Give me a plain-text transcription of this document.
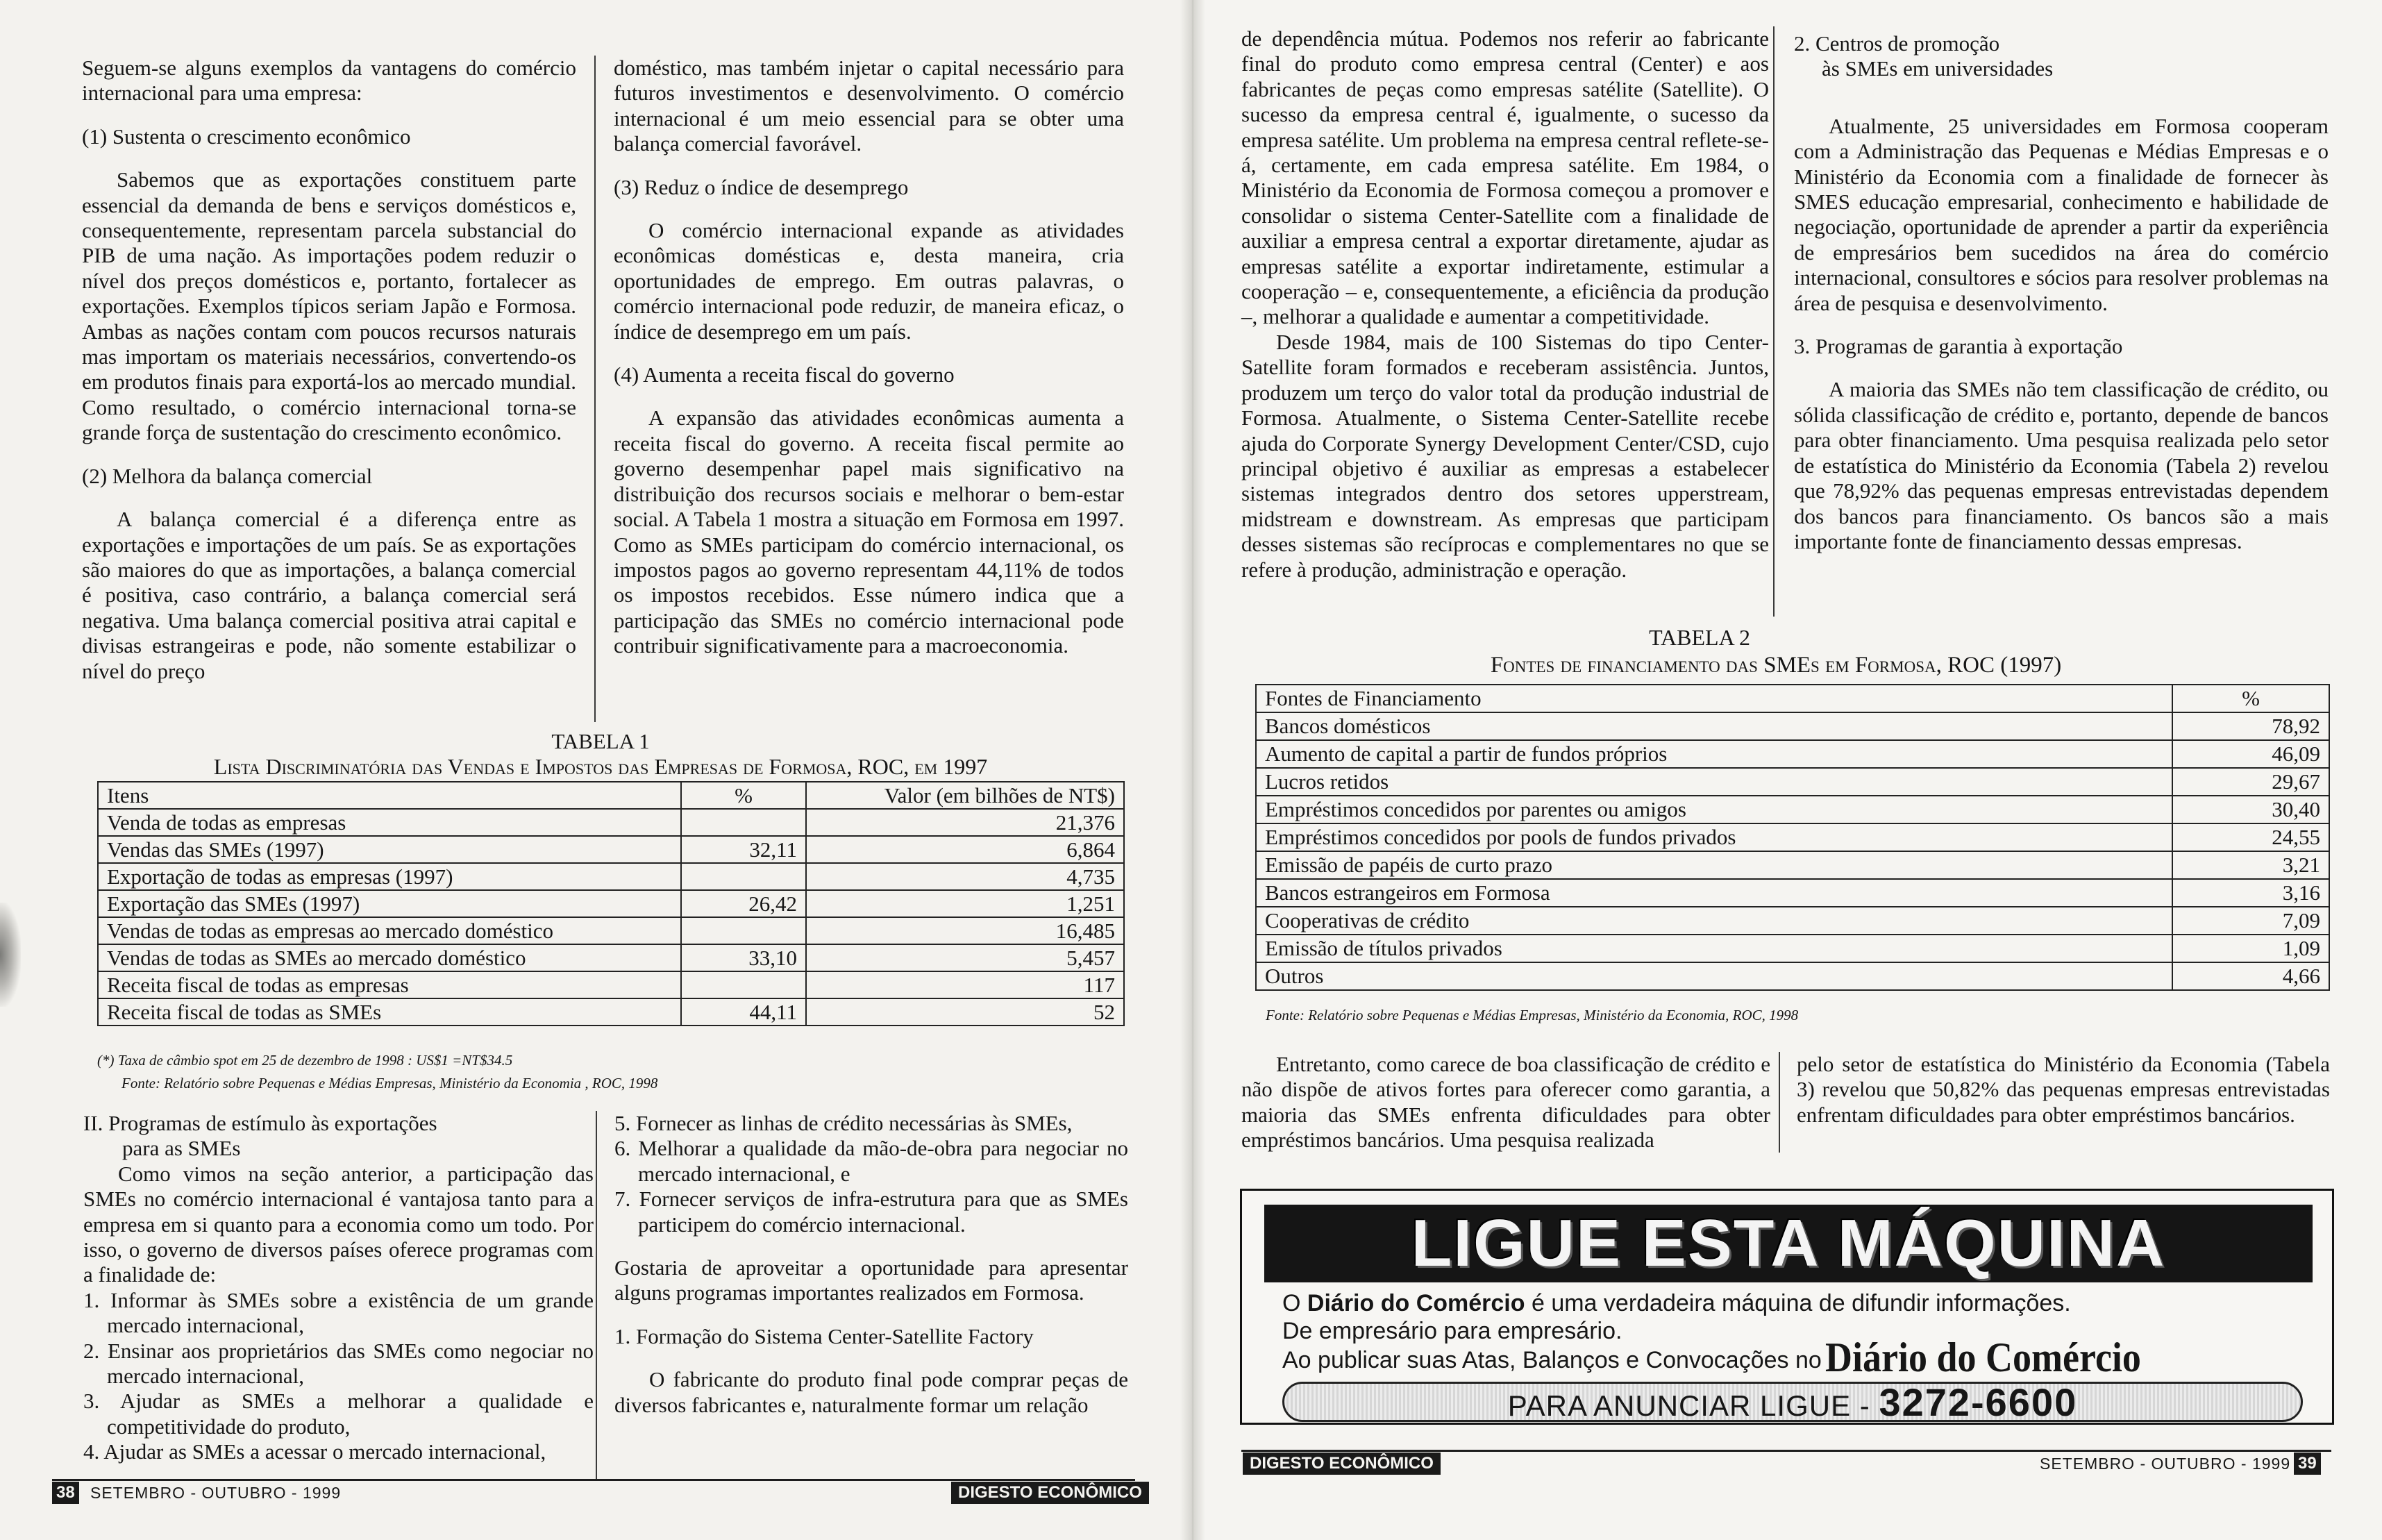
Seguem-se alguns exemplos da vantagens do comércio internacional para uma empresa:

(1) Sustenta o crescimento econômico

Sabemos que as exportações constituem parte essencial da demanda de bens e serviços domésticos e, consequentemente, representam parcela substancial do PIB de uma nação. As importações podem reduzir o nível dos preços domésticos e, portanto, fortalecer as exportações. Exemplos típicos seriam Japão e Formosa. Ambas as nações contam com poucos recursos naturais mas importam os materiais necessários, convertendo-os em produtos finais para exportá-los ao mercado mundial. Como resultado, o comércio internacional torna-se grande força de sustentação do crescimento econômico.

(2) Melhora da balança comercial

A balança comercial é a diferença entre as exportações e importações de um país. Se as exportações são maiores do que as importações, a balança comercial é positiva, caso contrário, a balança comercial será negativa. Uma balança comercial positiva atrai capital e divisas estrangeiras e pode, não somente estabilizar o nível do preço

doméstico, mas também injetar o capital necessário para futuros investimentos e desenvolvimento. O comércio internacional é um meio essencial para se obter uma balança comercial favorável.

(3) Reduz o índice de desemprego

O comércio internacional expande as atividades econômicas domésticas e, desta maneira, cria oportunidades de emprego. Em outras palavras, o comércio internacional pode reduzir, de maneira eficaz, o índice de desemprego em um país.

(4) Aumenta a receita fiscal do governo

A expansão das atividades econômicas aumenta a receita fiscal do governo. A receita fiscal permite ao governo desempenhar papel mais significativo na distribuição dos recursos sociais e melhorar o bem-estar social. A Tabela 1 mostra a situação em Formosa em 1997. Como as SMEs participam do comércio internacional, os impostos pagos ao governo representam 44,11% de todos os impostos recebidos. Esse número indica que a participação das SMEs no comércio internacional pode contribuir significativamente para a macroeconomia.

TABELA 1
Lista Discriminatória das Vendas e Impostos das Empresas de Formosa, ROC, em 1997
Itens	%	Valor (em bilhões de NT$)
Venda de todas as empresas		21,376
Vendas das SMEs (1997)	32,11	6,864
Exportação de todas as empresas (1997)		4,735
Exportação das SMEs (1997)	26,42	1,251
Vendas de todas as empresas ao mercado doméstico		16,485
Vendas de todas as SMEs ao mercado doméstico	33,10	5,457
Receita fiscal de todas as empresas		117
Receita fiscal de todas as SMEs	44,11	52
(*) Taxa de câmbio spot em 25 de dezembro de 1998 : US$1 =NT$34.5
Fonte: Relatório sobre Pequenas e Médias Empresas, Ministério da Economia , ROC, 1998

II. Programas de estímulo às exportações

para as SMEs

Como vimos na seção anterior, a participação das SMEs no comércio internacional é vantajosa tanto para a empresa em si quanto para a economia como um todo. Por isso, o governo de diversos países oferece programas com a finalidade de:

1. Informar às SMEs sobre a existência de um grande mercado internacional,

2. Ensinar aos proprietários das SMEs como negociar no mercado internacional,

3. Ajudar as SMEs a melhorar a qualidade e competitividade do produto,

4. Ajudar as SMEs a acessar o mercado internacional,

5. Fornecer as linhas de crédito necessárias às SMEs,

6. Melhorar a qualidade da mão-de-obra para negociar no mercado internacional, e

7. Fornecer serviços de infra-estrutura para que as SMEs participem do comércio internacional.

Gostaria de aproveitar a oportunidade para apresentar alguns programas importantes realizados em Formosa.

1. Formação do Sistema Center-Satellite Factory

O fabricante do produto final pode comprar peças de diversos fabricantes e, naturalmente formar um relação

38 SETEMBRO - OUTUBRO - 1999	DIGESTO ECONÔMICO

de dependência mútua. Podemos nos referir ao fabricante final do produto como empresa central (Center) e aos fabricantes de peças como empresas satélite (Satellite). O sucesso da empresa central é, igualmente, o sucesso da empresa satélite. Um problema na empresa central reflete-se-á, certamente, em cada empresa satélite. Em 1984, o Ministério da Economia de Formosa começou a promover e consolidar o sistema Center-Satellite com a finalidade de auxiliar a empresa central a exportar diretamente, ajudar as empresas satélite a exportar indiretamente, estimular a cooperação – e, consequentemente, a eficiência da produção –, melhorar a qualidade e aumentar a competitividade.

Desde 1984, mais de 100 Sistemas do tipo Center-Satellite foram formados e receberam assistência. Juntos, produzem um terço do valor total da produção industrial de Formosa. Atualmente, o Sistema Center-Satellite recebe ajuda do Corporate Synergy Development Center/CSD, cujo principal objetivo é auxiliar as empresas a estabelecer sistemas integrados dentro dos setores upperstream, midstream e downstream. As empresas que participam desses sistemas são recíprocas e complementares no que se refere à produção, administração e operação.

2. Centros de promoção

às SMEs em universidades

Atualmente, 25 universidades em Formosa cooperam com a Administração das Pequenas e Médias Empresas e o Ministério da Economia com a finalidade de fornecer às SMES educação empresarial, conhecimento e habilidade de negociação, oportunidade de aprender a partir da experiência de empresários bem sucedidos na área do comércio internacional, consultores e sócios para resolver problemas na área de pesquisa e desenvolvimento.

3. Programas de garantia à exportação

A maioria das SMEs não tem classificação de crédito, ou sólida classificação de crédito e, portanto, depende de bancos para obter financiamento. Uma pesquisa realizada pelo setor de estatística do Ministério da Economia (Tabela 2) revelou que 78,92% das pequenas empresas entrevistadas dependem dos bancos para financiamento. Os bancos são a mais importante fonte de financiamento dessas empresas.

TABELA 2
Fontes de financiamento das SMEs em Formosa, ROC (1997)
Fontes de Financiamento	%
Bancos domésticos	78,92
Aumento de capital a partir de fundos próprios	46,09
Lucros retidos	29,67
Empréstimos concedidos por parentes ou amigos	30,40
Empréstimos concedidos por pools de fundos privados	24,55
Emissão de papéis de curto prazo	3,21
Bancos estrangeiros em Formosa	3,16
Cooperativas de crédito	7,09
Emissão de títulos privados	1,09
Outros	4,66
Fonte: Relatório sobre Pequenas e Médias Empresas, Ministério da Economia, ROC, 1998

Entretanto, como carece de boa classificação de crédito e não dispõe de ativos fortes para oferecer como garantia, a maioria das SMEs enfrenta dificuldades para obter empréstimos bancários. Uma pesquisa realizada

pelo setor de estatística do Ministério da Economia (Tabela 3) revelou que 50,82% das pequenas empresas entrevistadas enfrentam dificuldades para obter empréstimos bancários.

LIGUE ESTA MÁQUINA
O Diário do Comércio é uma verdadeira máquina de difundir informações.
De empresário para empresário.
Ao publicar suas Atas, Balanços e Convocações no Diário do Comércio
PARA ANUNCIAR LIGUE - 3272-6600
DIGESTO ECONÔMICO	SETEMBRO - OUTUBRO - 1999 39
